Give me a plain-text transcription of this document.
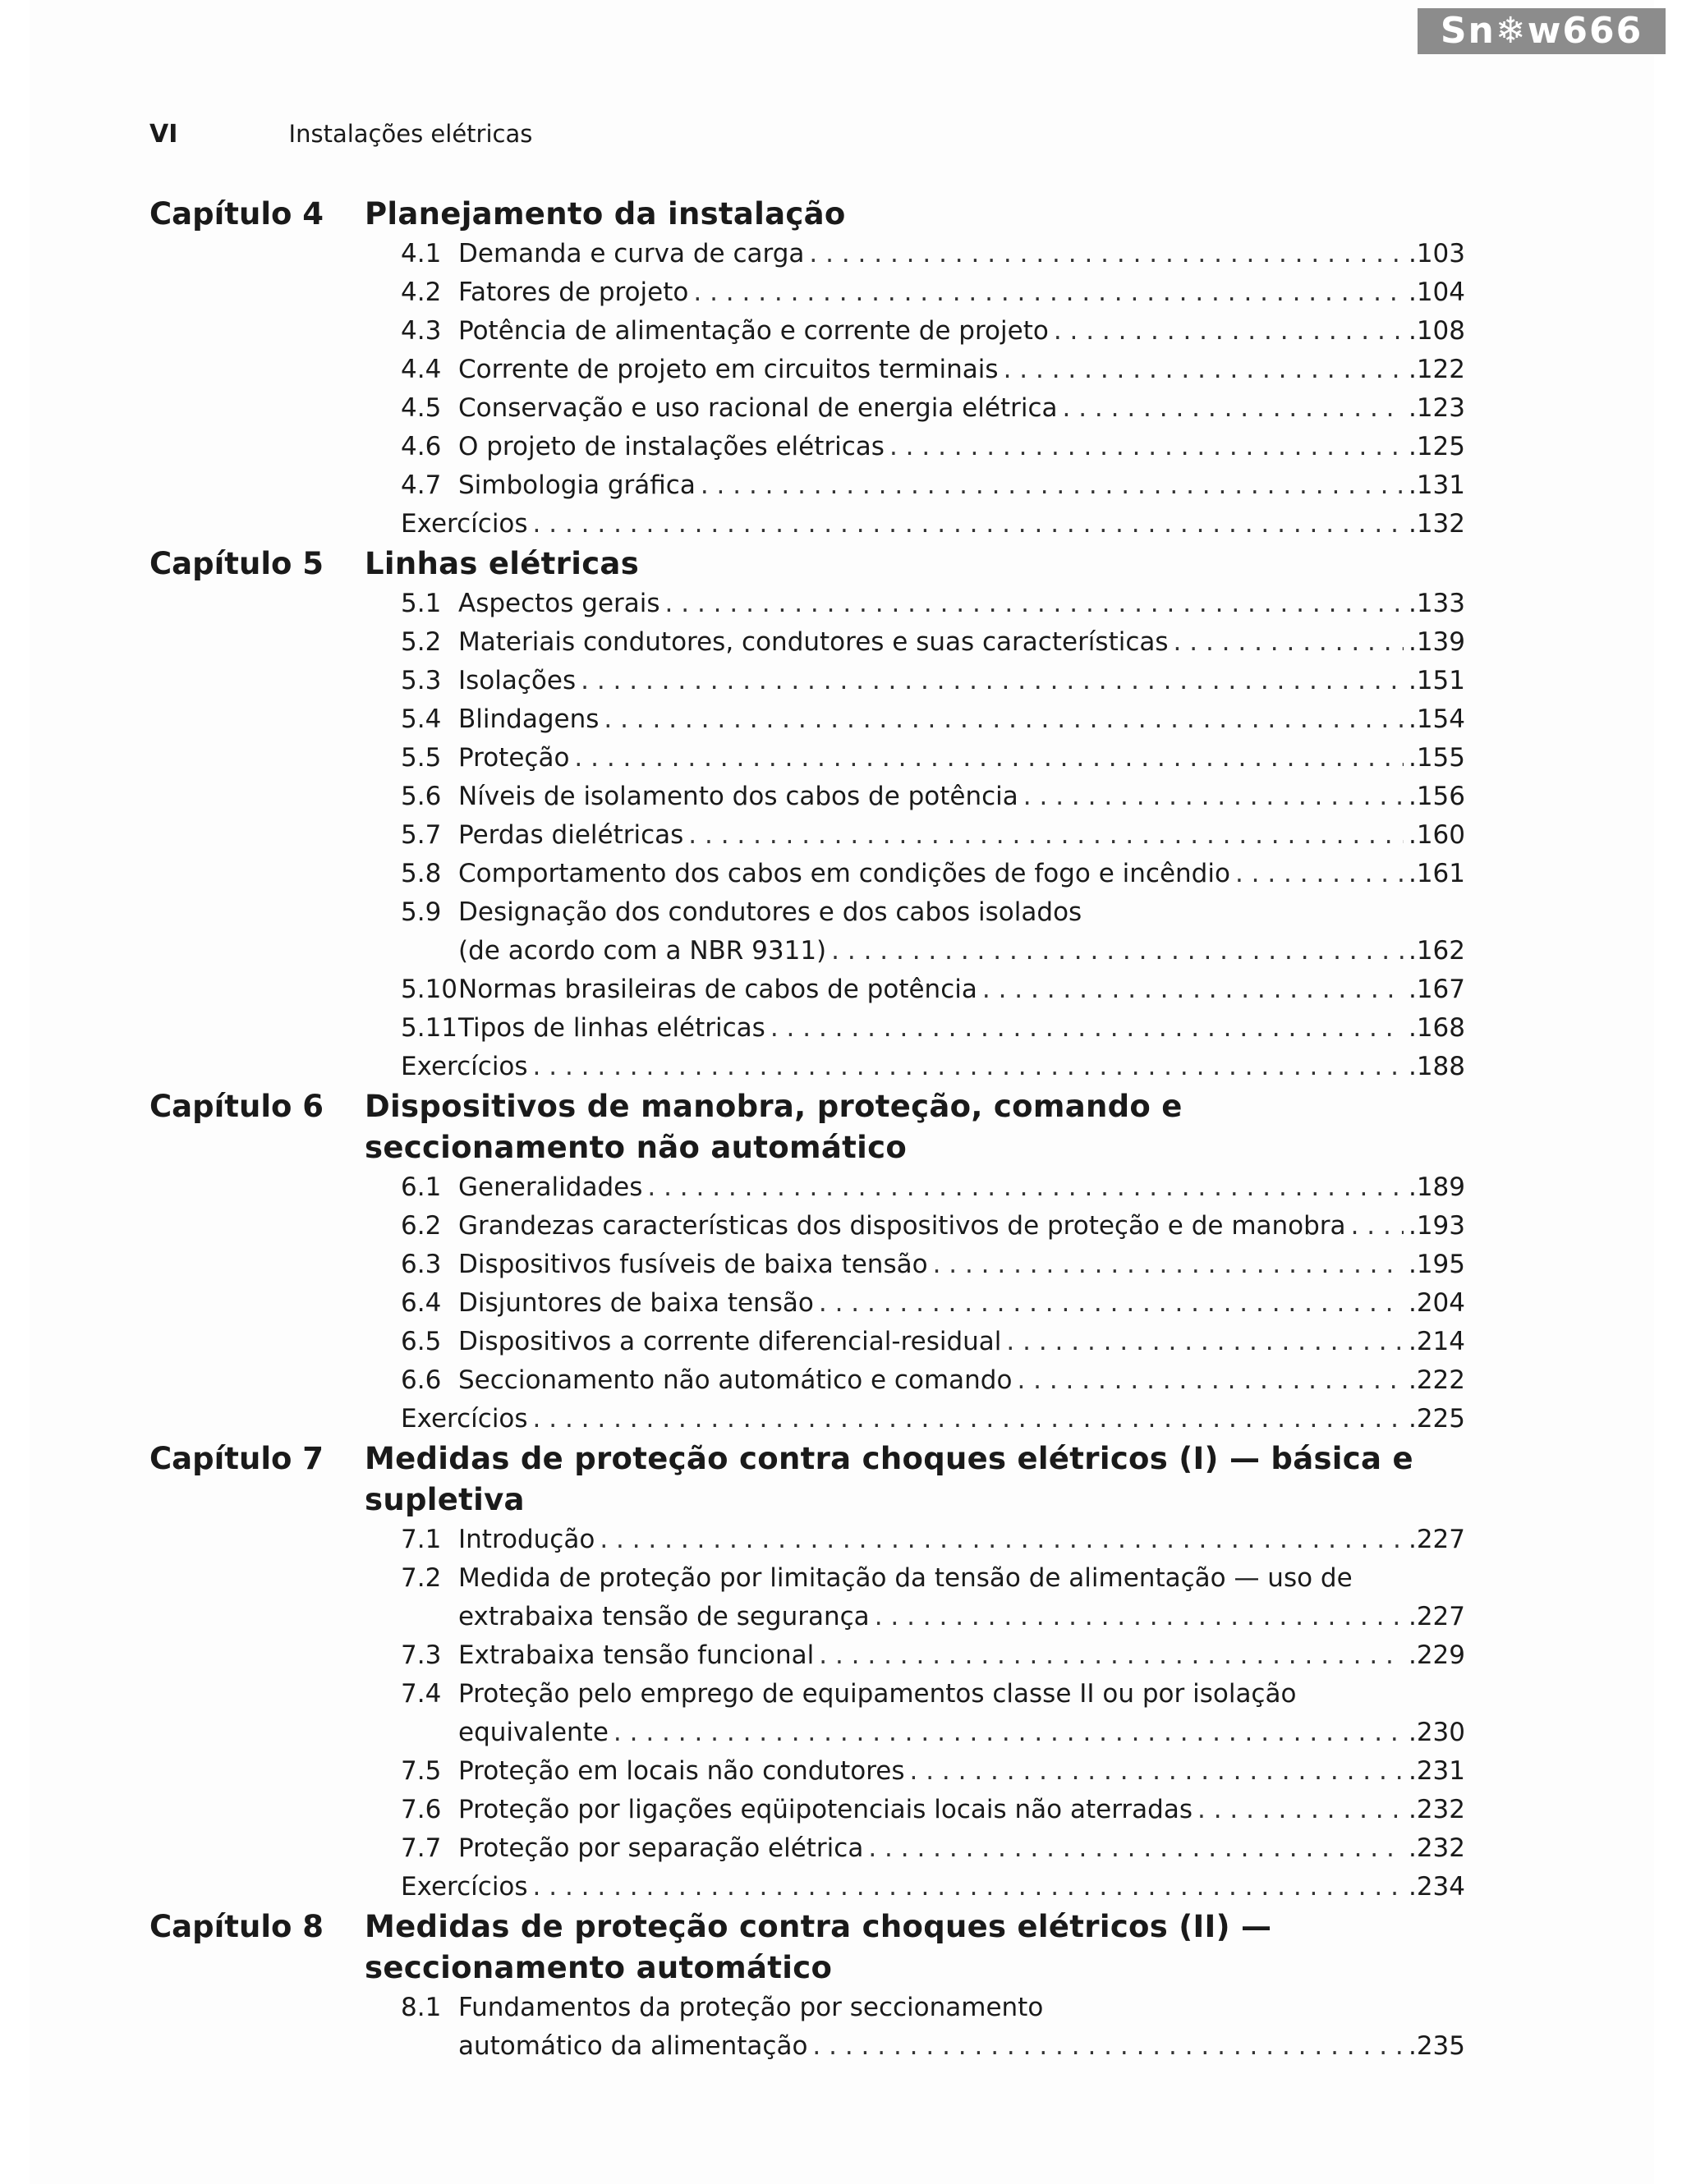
Sn❄w666
VI	Instalações elétricas
Capítulo 4	Planejamento da instalação
4.1 Demanda e curva de carga . . .	.103
4.2 Fatores de projeto . . .	.104
4.3 Potência de alimentação e corrente de projeto . . .	.108
4.4 Corrente de projeto em circuitos terminais . . .	.122
4.5 Conservação e uso racional de energia elétrica . . .	.123
4.6 O projeto de instalações elétricas . . .	.125
4.7 Simbologia gráfica . . .	.131
Exercícios . . .	.132
Capítulo 5	Linhas elétricas
5.1 Aspectos gerais . . .	.133
5.2 Materiais condutores, condutores e suas características . . .	.139
5.3 Isolações . . .	.151
5.4 Blindagens . . .	.154
5.5 Proteção . . .	.155
5.6 Níveis de isolamento dos cabos de potência . . .	.156
5.7 Perdas dielétricas . . .	.160
5.8 Comportamento dos cabos em condições de fogo e incêndio . . .	.161
5.9 Designação dos condutores e dos cabos isolados
(de acordo com a NBR 9311) . . .	.162
5.10 Normas brasileiras de cabos de potência . . .	.167
5.11 Tipos de linhas elétricas . . .	.168
Exercícios . . .	.188
Capítulo 6	Dispositivos de manobra, proteção, comando e
seccionamento não automático
6.1 Generalidades . . .	.189
6.2 Grandezas características dos dispositivos de proteção e de manobra . . . .193
6.3 Dispositivos fusíveis de baixa tensão . . .	.195
6.4 Disjuntores de baixa tensão . . .	.204
6.5 Dispositivos a corrente diferencial-residual . . .	.214
6.6 Seccionamento não automático e comando . . .	.222
Exercícios . . .	.225
Capítulo 7	Medidas de proteção contra choques elétricos (I) — básica e supletiva
7.1 Introdução . . .	.227
7.2 Medida de proteção por limitação da tensão de alimentação — uso de
extrabaixa tensão de segurança . . .	.227
7.3 Extrabaixa tensão funcional . . .	.229
7.4 Proteção pelo emprego de equipamentos classe II ou por isolação
equivalente . . .	.230
7.5 Proteção em locais não condutores . . .	.231
7.6 Proteção por ligações eqüipotenciais locais não aterradas . . .	.232
7.7 Proteção por separação elétrica . . .	.232
Exercícios . . .	.234
Capítulo 8	Medidas de proteção contra choques elétricos (II) —
seccionamento automático
8.1 Fundamentos da proteção por seccionamento
automático da alimentação . . .	.235
